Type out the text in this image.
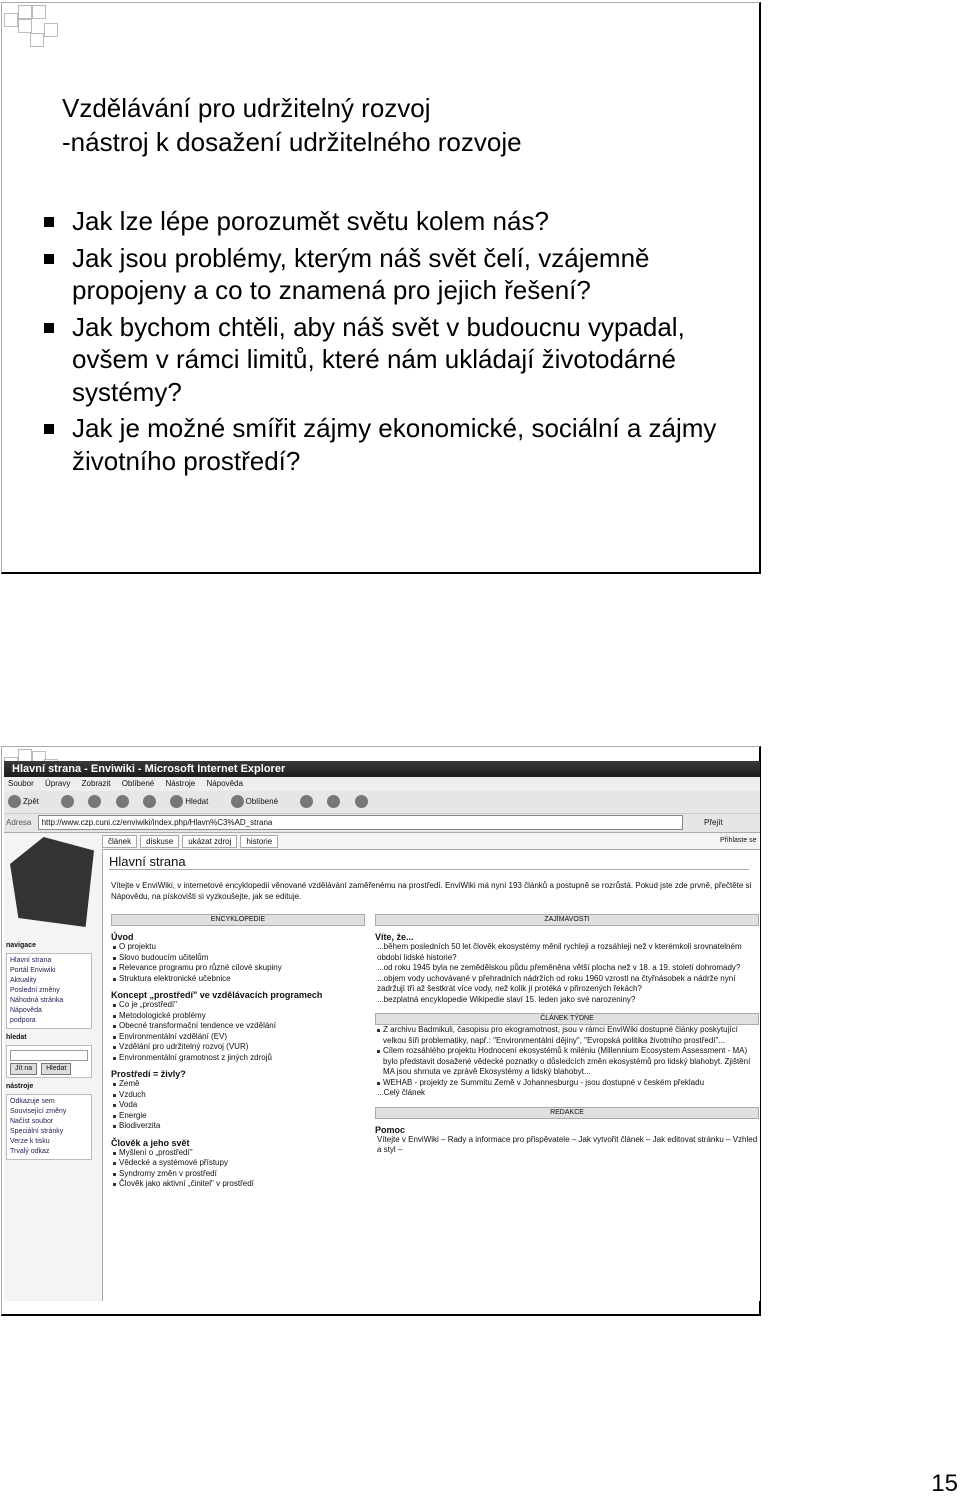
Vzdělávání pro udržitelný rozvoj
-nástroj k dosažení udržitelného rozvoje
Jak lze lépe porozumět světu kolem nás?
Jak jsou problémy, kterým náš svět čelí, vzájemně propojeny a co to znamená pro jejich řešení?
Jak bychom chtěli, aby náš svět v budoucnu vypadal, ovšem v rámci limitů, které nám ukládají životodárné systémy?
Jak je možné smířit zájmy ekonomické, sociální a zájmy životního prostředí?
Hlavní strana - Enviwiki - Microsoft Internet Explorer
Soubor Úpravy Zobrazit Oblíbené Nástroje Nápověda
Zpět	Hledat	Oblíbené
Adresa http://www.czp.cuni.cz/enviwiki/index.php/Hlavn%C3%AD_strana	Přejít
navigace
Hlavní strana
Portál Enviwiki
Aktuality
Poslední změny
Náhodná stránka
Nápověda
podpora
hledat
Jít na Hledat
nástroje
Odkazuje sem
Související změny
Načíst soubor
Speciální stránky
Verze k tisku
Trvalý odkaz
článek diskuse ukázat zdroj historie	Přihlaste se
Hlavní strana
Vítejte v EnviWiki, v internetové encyklopedii věnované vzdělávání zaměřenému na prostředí. EnviWiki má nyní 193 článků a postupně se rozrůstá. Pokud jste zde prvně, přečtěte si Nápovědu, na pískovišti si vyzkoušejte, jak se edituje.
ENCYKLOPEDIE
Úvod
O projektu
Slovo budoucím učitelům
Relevance programu pro různé cílové skupiny
Struktura elektronické učebnice
Koncept „prostředí" ve vzdělávacích programech
Co je „prostředí"
Metodologické problémy
Obecné transformační tendence ve vzdělání
Environmentální vzdělání (EV)
Vzdělání pro udržitelný rozvoj (VUR)
Environmentální gramotnost z jiných zdrojů
Prostředí = živly?
Země
Vzduch
Voda
Energie
Biodiverzita
Člověk a jeho svět
Myšlení o „prostředí"
Vědecké a systémové přístupy
Syndromy změn v prostředí
Člověk jako aktivní „činitel" v prostředí
ZAJÍMAVOSTI
Víte, že...
...během posledních 50 let člověk ekosystémy měnil rychleji a rozsáhleji než v kterémkoli srovnatelném období lidské historie?
...od roku 1945 byla ne zemědělskou půdu přeměněna větší plocha než v 18. a 19. století dohromady?
...objem vody uchovávané v přehradních nádržích od roku 1960 vzrostl na čtyřnásobek a nádrže nyní zadržují tří až šestkrát více vody, než kolik jí protéká v přirozených řekách?
...bezplatná encyklopedie Wikipedie slaví 15. leden jako své narozeniny?
ČLÁNEK TÝDNE
Z archivu Badmikuli, časopisu pro ekogramotnost, jsou v rámci EnviWiki dostupné články poskytující velkou šíři problematiky, např.: "Environmentální dějiny", "Evropská politika životního prostředí"...
Cílem rozsáhlého projektu Hodnocení ekosystémů k miléniu (Millennium Ecosystem Assessment - MA) bylo představit dosažené vědecké poznatky o důsledcích změn ekosystémů pro lidský blahobyt. Zjištění MA jsou shrnuta ve zprávě Ekosystémy a lidský blahobyt...
WEHAB - projekty ze Summitu Země v Johannesburgu - jsou dostupné v českém překladu
...Celý článek
REDAKCE
Pomoc
Vítejte v EnviWiki – Rady a informace pro přispěvatele – Jak vytvořit článek – Jak editovat stránku – Vzhled a styl –
15
